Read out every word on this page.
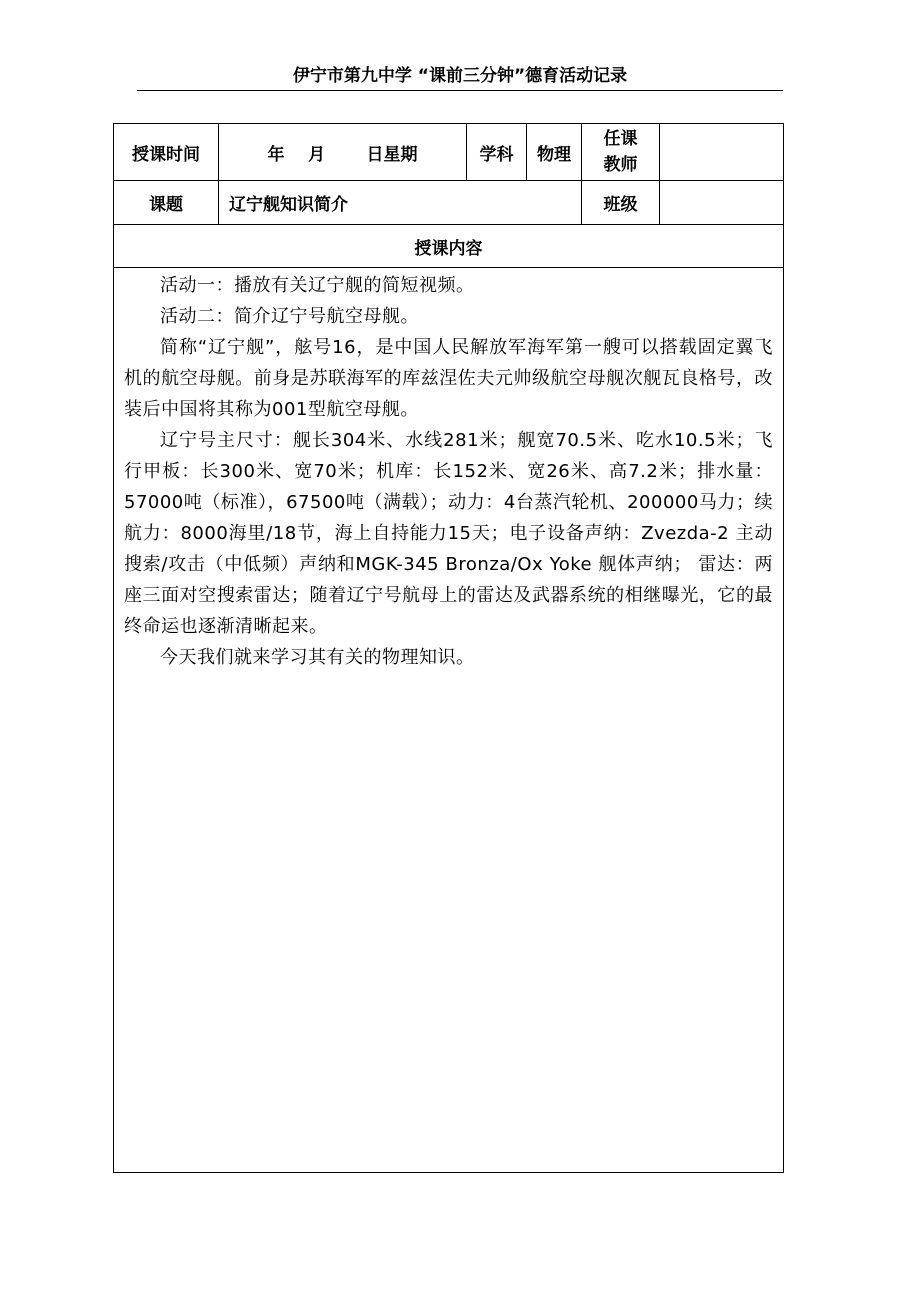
伊宁市第九中学 “课前三分钟”德育活动记录
授课时间	年    月       日星期	学科	物理	任课
教师	

课题	辽宁舰知识简介			班级	
授课内容					

活动一：播放有关辽宁舰的简短视频。

活动二：简介辽宁号航空母舰。

简称“辽宁舰”，舷号16，是中国人民解放军海军第一艘可以搭载固定翼飞机的航空母舰。前身是苏联海军的库兹涅佐夫元帅级航空母舰次舰瓦良格号，改装后中国将其称为001型航空母舰。

辽宁号主尺寸：舰长304米、水线281米；舰宽70.5米、吃水10.5米；飞行甲板：长300米、宽70米；机库：长152米、宽26米、高7.2米；排水量：57000吨（标准），67500吨（满载）；动力：4台蒸汽轮机、200000马力；续航力：8000海里/18节，海上自持能力15天；电子设备声纳：Zvezda-2 主动搜索/攻击（中低频）声纳和MGK-345 Bronza/Ox Yoke 舰体声纳； 雷达：两座三面对空搜索雷达；随着辽宁号航母上的雷达及武器系统的相继曝光，它的最终命运也逐渐清晰起来。

今天我们就来学习其有关的物理知识。					
